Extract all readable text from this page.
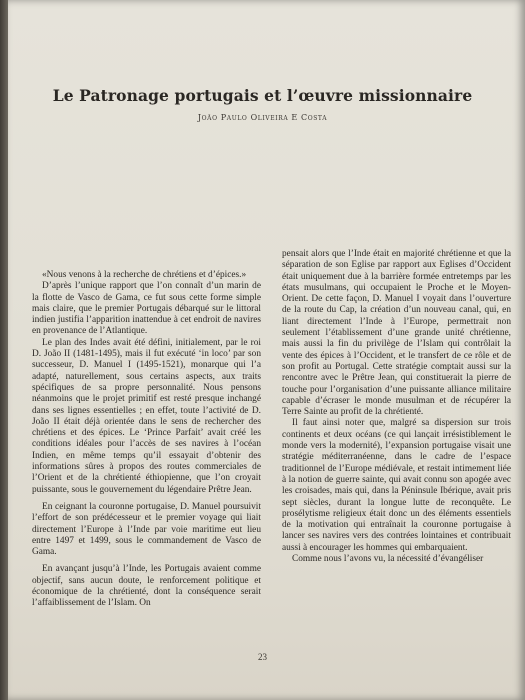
Le Patronage portugais et l’œuvre missionnaire
João Paulo Oliveira E Costa

«Nous venons à la recherche de chrétiens et d’épices.»

D’après l’unique rapport que l’on connaît d’un marin de la flotte de Vasco de Gama, ce fut sous cette forme simple mais claire, que le premier Portugais débarqué sur le littoral indien justifia l’apparition inattendue à cet endroit de navires en provenance de l’Atlantique.

Le plan des Indes avait été défini, initialement, par le roi D. João II (1481-1495), mais il fut exécuté ‘in loco’ par son successeur, D. Manuel I (1495-1521), monarque qui l’a adapté, naturellement, sous certains aspects, aux traits spécifiques de sa propre personnalité. Nous pensons néanmoins que le projet primitif est resté presque inchangé dans ses lignes essentielles ; en effet, toute l’activité de D. João II était déjà orientée dans le sens de rechercher des chrétiens et des épices. Le ‘Prince Parfait’ avait créé les conditions idéales pour l’accès de ses navires à l’océan Indien, en même temps qu’il essayait d’obtenir des informations sûres à propos des routes commerciales de l’Orient et de la chrétienté éthiopienne, que l’on croyait puissante, sous le gouvernement du légendaire Prêtre Jean.

En ceignant la couronne portugaise, D. Manuel poursuivit l’effort de son prédécesseur et le premier voyage qui liait directement l’Europe à l’Inde par voie maritime eut lieu entre 1497 et 1499, sous le commandement de Vasco de Gama.

En avançant jusqu’à l’Inde, les Portugais avaient comme objectif, sans aucun doute, le renforcement politique et économique de la chrétienté, dont la conséquence serait l’affaiblissement de l’Islam. On

pensait alors que l’Inde était en majorité chrétienne et que la séparation de son Eglise par rapport aux Eglises d’Occident était uniquement due à la barrière formée entretemps par les états musulmans, qui occupaient le Proche et le Moyen-Orient. De cette façon, D. Manuel I voyait dans l’ouverture de la route du Cap, la création d’un nouveau canal, qui, en liant directement l’Inde à l’Europe, permettrait non seulement l’établissement d’une grande unité chrétienne, mais aussi la fin du privilège de l’Islam qui contrôlait la vente des épices à l’Occident, et le transfert de ce rôle et de son profit au Portugal. Cette stratégie comptait aussi sur la rencontre avec le Prêtre Jean, qui constituerait la pierre de touche pour l’organisation d’une puissante alliance militaire capable d’écraser le monde musulman et de récupérer la Terre Sainte au profit de la chrétienté.

Il faut ainsi noter que, malgré sa dispersion sur trois continents et deux océans (ce qui lançait irrésistiblement le monde vers la modernité), l’expansion portugaise visait une stratégie méditerranéenne, dans le cadre de l’espace traditionnel de l’Europe médiévale, et restait intimement liée à la notion de guerre sainte, qui avait connu son apogée avec les croisades, mais qui, dans la Péninsule Ibérique, avait pris sept siècles, durant la longue lutte de reconquête. Le prosélytisme religieux était donc un des éléments essentiels de la motivation qui entraînait la couronne portugaise à lancer ses navires vers des contrées lointaines et contribuait aussi à encourager les hommes qui embarquaient.

Comme nous l’avons vu, la nécessité d’évangéliser

23
